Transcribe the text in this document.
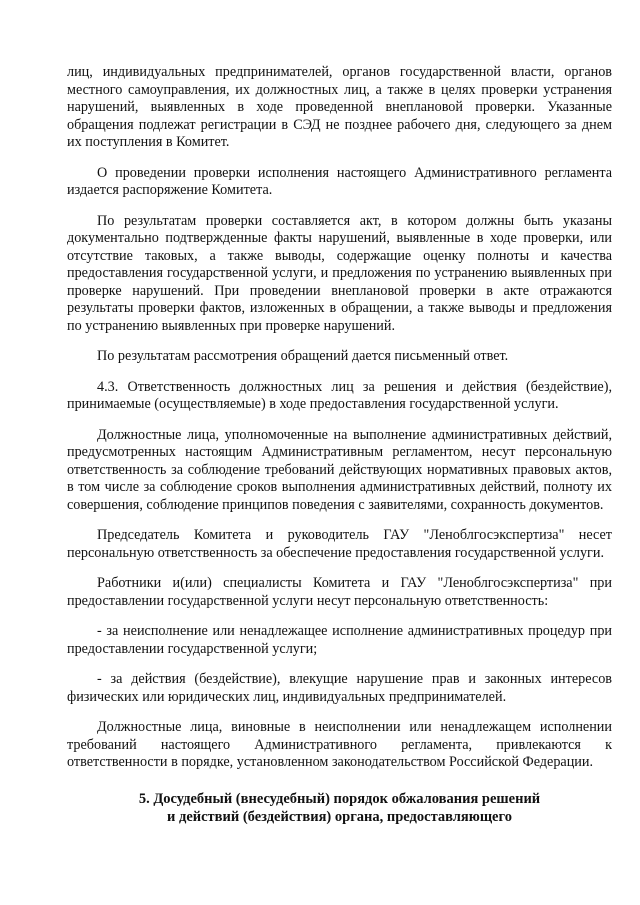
лиц, индивидуальных предпринимателей, органов государственной власти, органов местного самоуправления, их должностных лиц, а также в целях проверки устранения нарушений, выявленных в ходе проведенной внеплановой проверки. Указанные обращения подлежат регистрации в СЭД не позднее рабочего дня, следующего за днем их поступления в Комитет.

О проведении проверки исполнения настоящего Административного регламента издается распоряжение Комитета.

По результатам проверки составляется акт, в котором должны быть указаны документально подтвержденные факты нарушений, выявленные в ходе проверки, или отсутствие таковых, а также выводы, содержащие оценку полноты и качества предоставления государственной услуги, и предложения по устранению выявленных при проверке нарушений. При проведении внеплановой проверки в акте отражаются результаты проверки фактов, изложенных в обращении, а также выводы и предложения по устранению выявленных при проверке нарушений.

По результатам рассмотрения обращений дается письменный ответ.

4.3. Ответственность должностных лиц за решения и действия (бездействие), принимаемые (осуществляемые) в ходе предоставления государственной услуги.

Должностные лица, уполномоченные на выполнение административных действий, предусмотренных настоящим Административным регламентом, несут персональную ответственность за соблюдение требований действующих нормативных правовых актов, в том числе за соблюдение сроков выполнения административных действий, полноту их совершения, соблюдение принципов поведения с заявителями, сохранность документов.

Председатель Комитета и руководитель ГАУ "Леноблгосэкспертиза" несет персональную ответственность за обеспечение предоставления государственной услуги.

Работники и(или) специалисты Комитета и ГАУ "Леноблгосэкспертиза" при предоставлении государственной услуги несут персональную ответственность:

- за неисполнение или ненадлежащее исполнение административных процедур при предоставлении государственной услуги;

- за действия (бездействие), влекущие нарушение прав и законных интересов физических или юридических лиц, индивидуальных предпринимателей.

Должностные лица, виновные в неисполнении или ненадлежащем исполнении требований настоящего Административного регламента, привлекаются к ответственности в порядке, установленном законодательством Российской Федерации.

5. Досудебный (внесудебный) порядок обжалования решений
и действий (бездействия) органа, предоставляющего
